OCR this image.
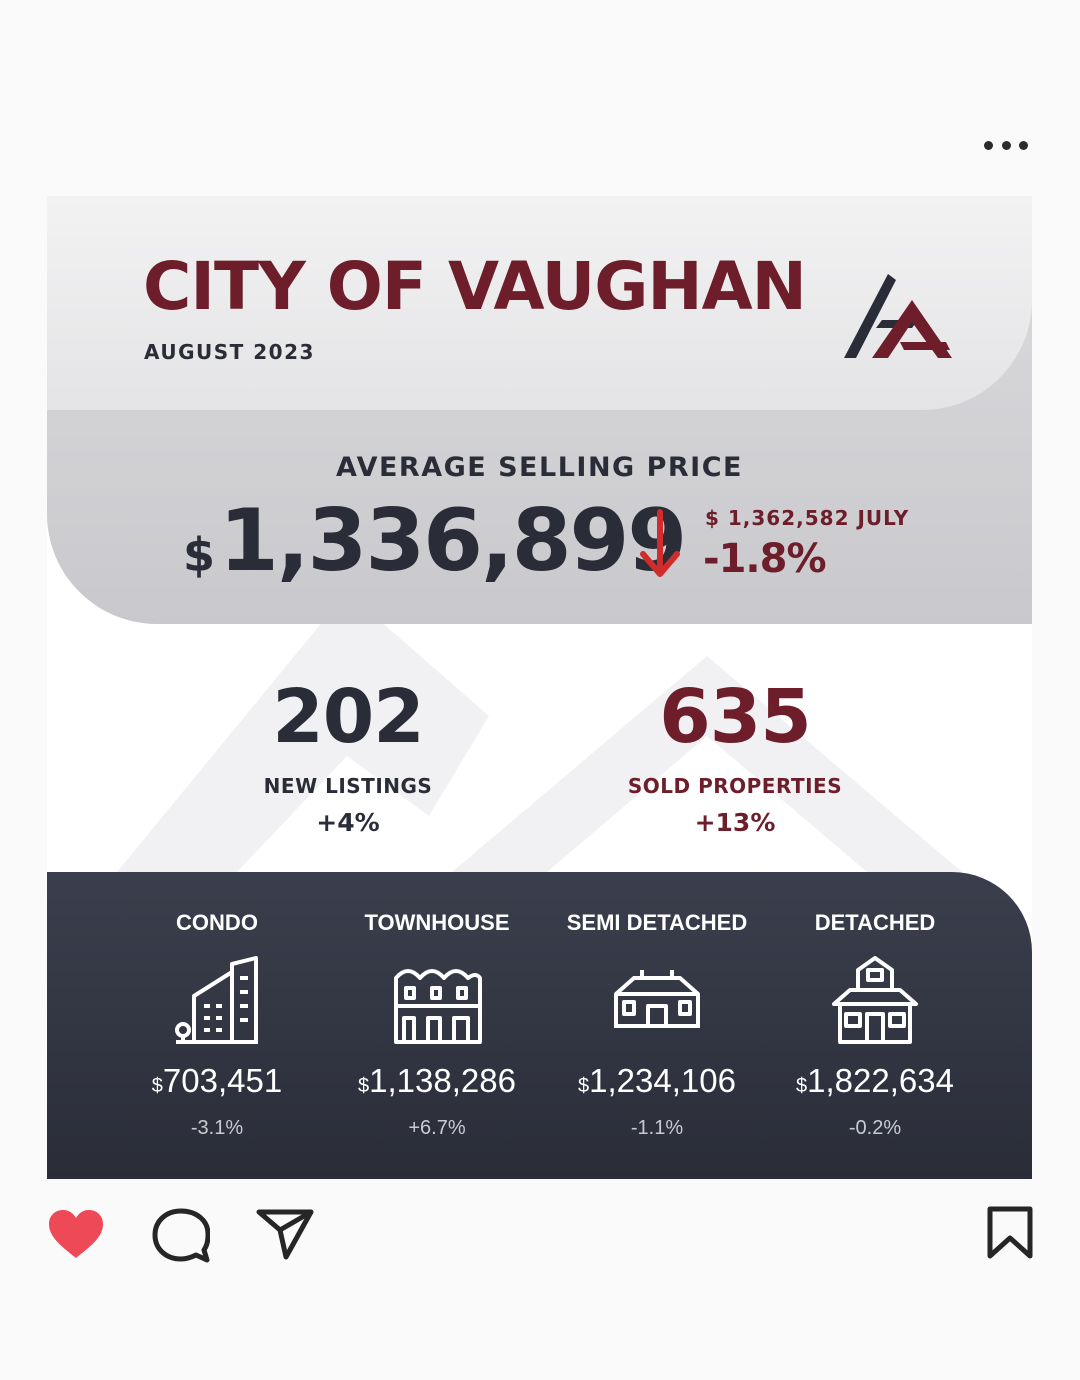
CITY OF VAUGHAN
AUGUST 2023
AVERAGE SELLING PRICE
$ 1,336,899 $ 1,362,582 JULY
-1.8%
202
NEW LISTINGS
+4%
635
SOLD PROPERTIES
+13%
CONDO
$703,451
-3.1%
TOWNHOUSE
$1,138,286
+6.7%
SEMI DETACHED
$1,234,106
-1.1%
DETACHED
$1,822,634
-0.2%
